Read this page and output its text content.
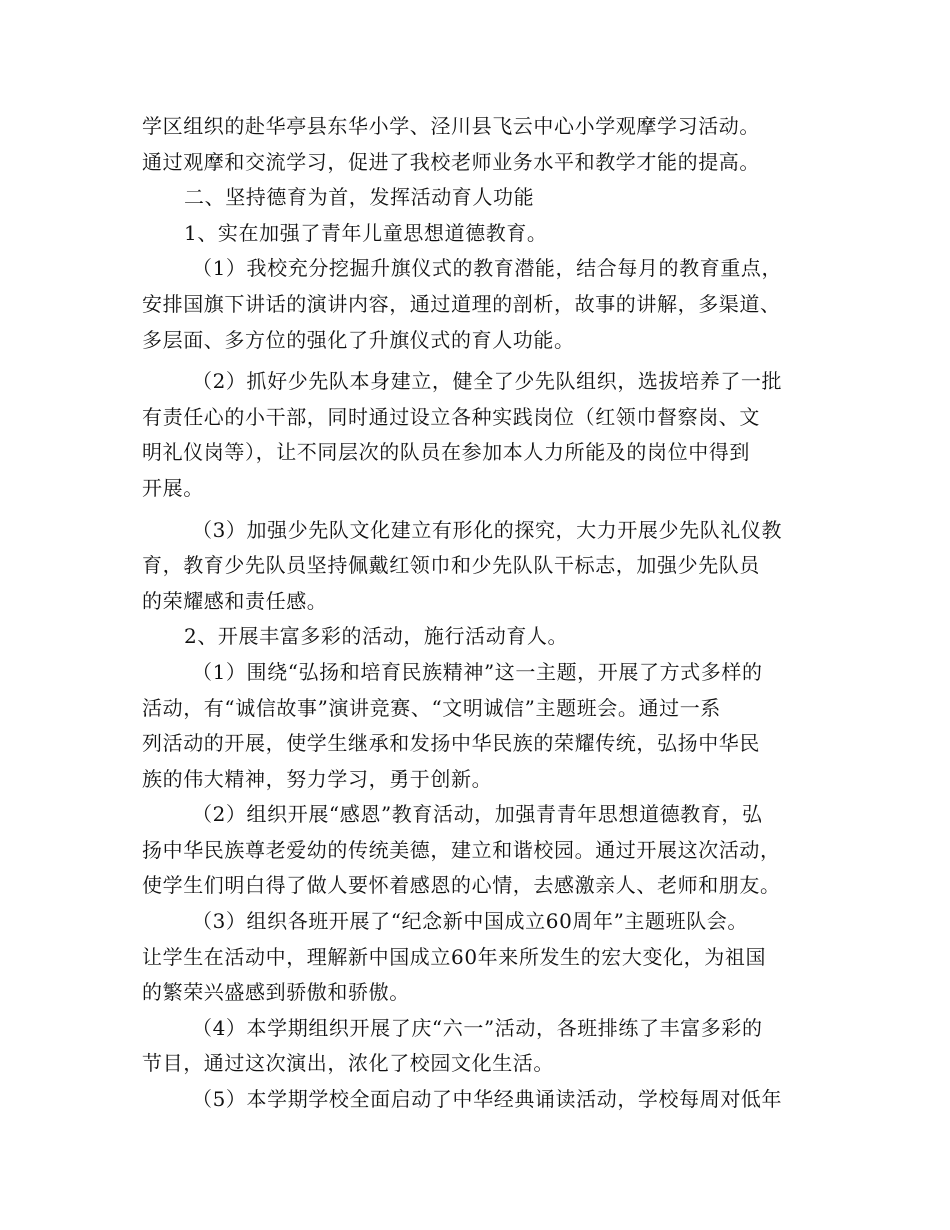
学区组织的赴华亭县东华小学、泾川县飞云中心小学观摩学习活动。
通过观摩和交流学习，促进了我校老师业务水平和教学才能的提高。
二、坚持德育为首，发挥活动育人功能
1、实在加强了青年儿童思想道德教育。
（1）我校充分挖掘升旗仪式的教育潜能，结合每月的教育重点，
安排国旗下讲话的演讲内容，通过道理的剖析，故事的讲解，多渠道、
多层面、多方位的强化了升旗仪式的育人功能。
（2）抓好少先队本身建立，健全了少先队组织，选拔培养了一批
有责任心的小干部，同时通过设立各种实践岗位（红领巾督察岗、文
明礼仪岗等），让不同层次的队员在参加本人力所能及的岗位中得到
开展。
（3）加强少先队文化建立有形化的探究，大力开展少先队礼仪教
育，教育少先队员坚持佩戴红领巾和少先队队干标志，加强少先队员
的荣耀感和责任感。
2、开展丰富多彩的活动，施行活动育人。
（1）围绕“弘扬和培育民族精神”这一主题，开展了方式多样的
活动，有“诚信故事”演讲竞赛、“文明诚信”主题班会。通过一系
列活动的开展，使学生继承和发扬中华民族的荣耀传统，弘扬中华民
族的伟大精神，努力学习，勇于创新。
（2）组织开展“感恩”教育活动，加强青青年思想道德教育，弘
扬中华民族尊老爱幼的传统美德，建立和谐校园。通过开展这次活动，
使学生们明白得了做人要怀着感恩的心情，去感激亲人、老师和朋友。
（3）组织各班开展了“纪念新中国成立60周年”主题班队会。
让学生在活动中，理解新中国成立60年来所发生的宏大变化，为祖国
的繁荣兴盛感到骄傲和骄傲。
（4）本学期组织开展了庆“六一”活动，各班排练了丰富多彩的
节目，通过这次演出，浓化了校园文化生活。
（5）本学期学校全面启动了中华经典诵读活动，学校每周对低年
